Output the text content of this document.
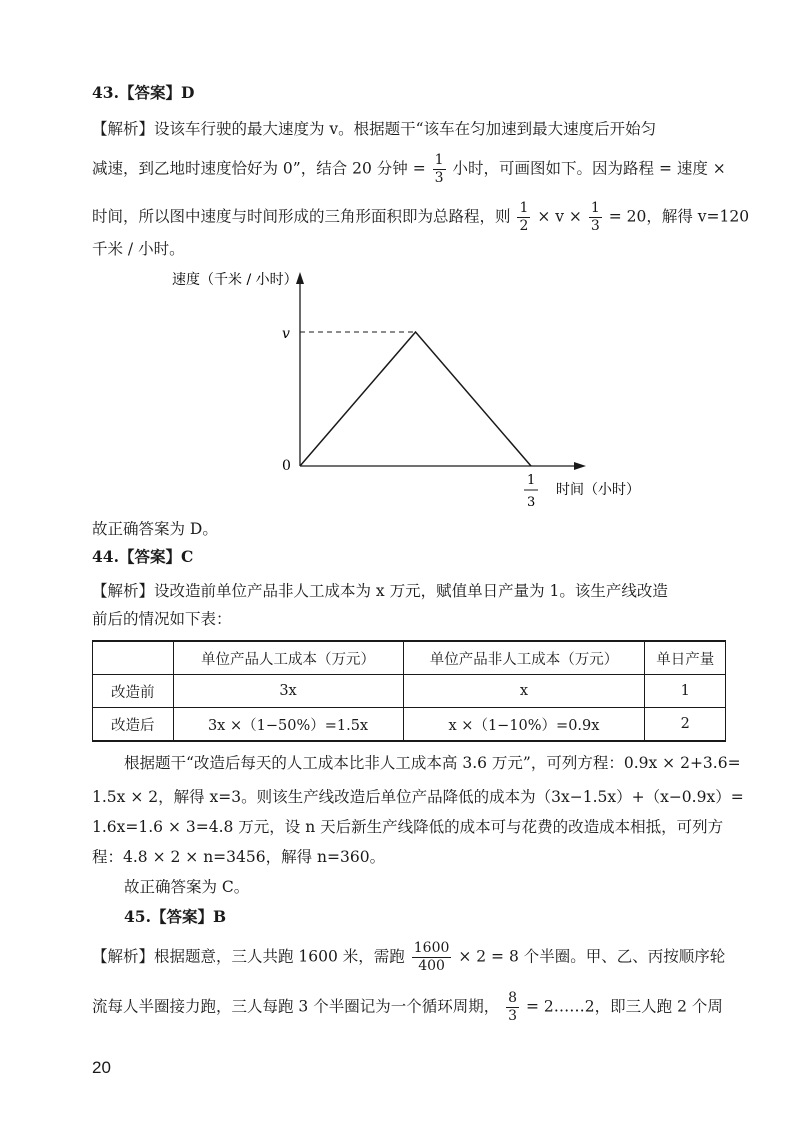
43.【答案】D
【解析】设该车行驶的最大速度为 v。根据题干“该车在匀加速到最大速度后开始匀
减速，到乙地时速度恰好为 0”，结合 20 分钟 = $\frac{1}{3}$ 小时，可画图如下。因为路程 = 速度 ×
时间，所以图中速度与时间形成的三角形面积即为总路程，则 $\frac{1}{2} \times v \times \frac{1}{3} = 20$，解得 v=120
千米 / 小时。
速度（千米 / 小时）
v
0
1
3
时间（小时）
故正确答案为 D。
44.【答案】C
【解析】设改造前单位产品非人工成本为 x 万元，赋值单日产量为 1。该生产线改造
前后的情况如下表：
	单位产品人工成本（万元）	单位产品非人工成本（万元）	单日产量
改造前	3x	x	1
改造后	3x ×（1−50%）=1.5x	x ×（1−10%）=0.9x	2
根据题干“改造后每天的人工成本比非人工成本高 3.6 万元”，可列方程：0.9x × 2+3.6=
1.5x × 2，解得 x=3。则该生产线改造后单位产品降低的成本为（3x−1.5x）+（x−0.9x）=
1.6x=1.6 × 3=4.8 万元，设 n 天后新生产线降低的成本可与花费的改造成本相抵，可列方
程：4.8 × 2 × n=3456，解得 n=360。
故正确答案为 C。
45.【答案】B
【解析】根据题意，三人共跑 1600 米，需跑 $\frac{1600}{400} \times 2 = 8$ 个半圈。甲、乙、丙按顺序轮
流每人半圈接力跑，三人每跑 3 个半圈记为一个循环周期， $\frac{8}{3}$ = 2……2，即三人跑 2 个周
20
